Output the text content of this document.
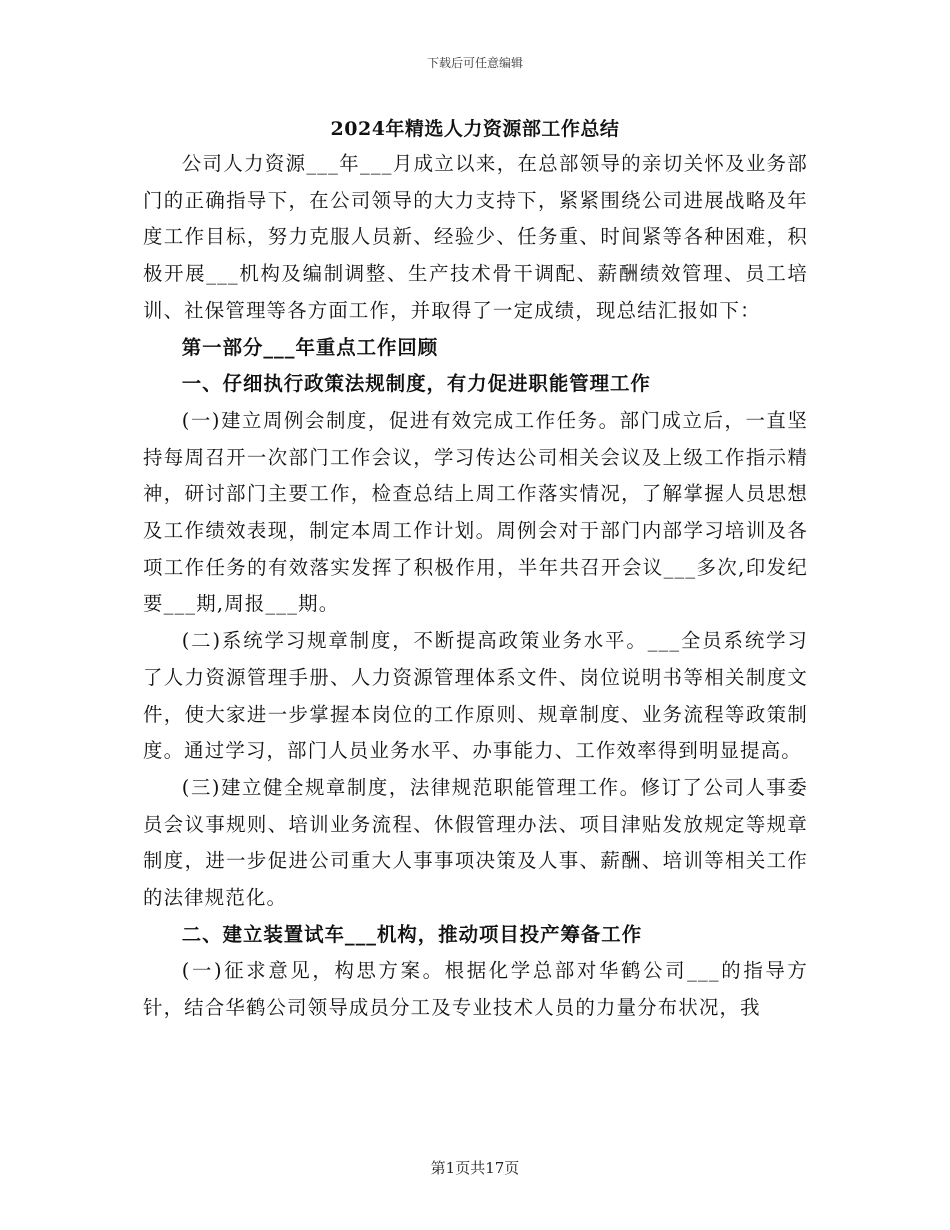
下载后可任意编辑
2024年精选人力资源部工作总结

公司人力资源___年___月成立以来，在总部领导的亲切关怀及业务部门的正确指导下，在公司领导的大力支持下，紧紧围绕公司进展战略及年度工作目标，努力克服人员新、经验少、任务重、时间紧等各种困难，积极开展___机构及编制调整、生产技术骨干调配、薪酬绩效管理、员工培训、社保管理等各方面工作，并取得了一定成绩，现总结汇报如下：

第一部分___年重点工作回顾

一、仔细执行政策法规制度，有力促进职能管理工作

(一)建立周例会制度，促进有效完成工作任务。部门成立后，一直坚持每周召开一次部门工作会议，学习传达公司相关会议及上级工作指示精神，研讨部门主要工作，检查总结上周工作落实情况，了解掌握人员思想及工作绩效表现，制定本周工作计划。周例会对于部门内部学习培训及各项工作任务的有效落实发挥了积极作用，半年共召开会议___多次,印发纪要___期,周报___期。

(二)系统学习规章制度，不断提高政策业务水平。___全员系统学习了人力资源管理手册、人力资源管理体系文件、岗位说明书等相关制度文件，使大家进一步掌握本岗位的工作原则、规章制度、业务流程等政策制度。通过学习，部门人员业务水平、办事能力、工作效率得到明显提高。

(三)建立健全规章制度，法律规范职能管理工作。修订了公司人事委员会议事规则、培训业务流程、休假管理办法、项目津贴发放规定等规章制度，进一步促进公司重大人事事项决策及人事、薪酬、培训等相关工作的法律规范化。

二、建立装置试车___机构，推动项目投产筹备工作

(一)征求意见，构思方案。根据化学总部对华鹤公司___的指导方针，结合华鹤公司领导成员分工及专业技术人员的力量分布状况，我

第1页共17页
